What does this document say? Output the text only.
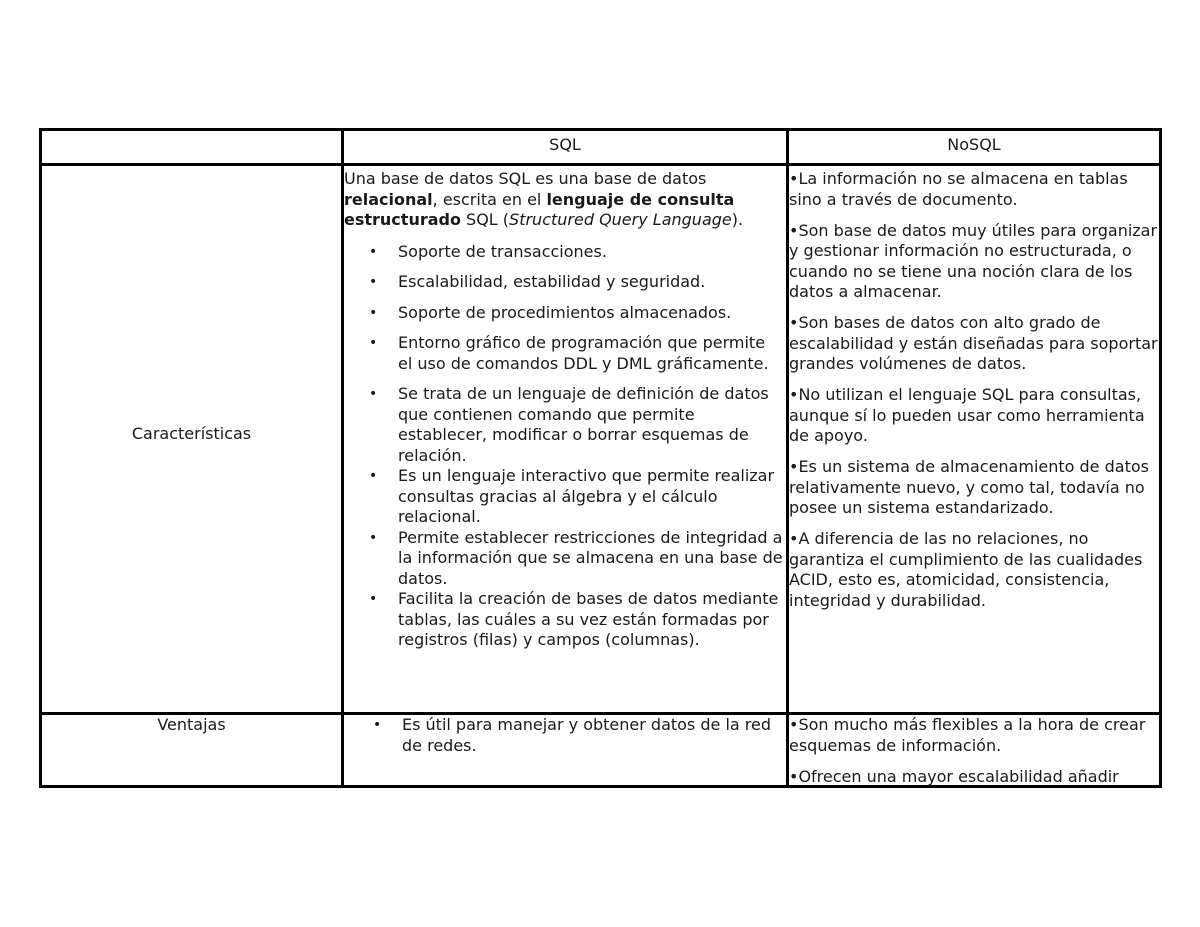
SQL	NoSQL
Características
Una base de datos SQL es una base de datos relacional, escrita en el lenguaje de consulta estructurado SQL (Structured Query Language).
• Soporte de transacciones.
• Escalabilidad, estabilidad y seguridad.
• Soporte de procedimientos almacenados.
• Entorno gráfico de programación que permite el uso de comandos DDL y DML gráficamente.
• Se trata de un lenguaje de definición de datos que contienen comando que permite establecer, modificar o borrar esquemas de relación.
• Es un lenguaje interactivo que permite realizar consultas gracias al álgebra y el cálculo relacional.
• Permite establecer restricciones de integridad a la información que se almacena en una base de datos.
• Facilita la creación de bases de datos mediante tablas, las cuáles a su vez están formadas por registros (filas) y campos (columnas).

•La información no se almacena en tablas sino a través de documento.

•Son base de datos muy útiles para organizar y gestionar información no estructurada, o cuando no se tiene una noción clara de los datos a almacenar.

•Son bases de datos con alto grado de escalabilidad y están diseñadas para soportar grandes volúmenes de datos.

•No utilizan el lenguaje SQL para consultas, aunque sí lo pueden usar como herramienta de apoyo.

•Es un sistema de almacenamiento de datos relativamente nuevo, y como tal, todavía no posee un sistema estandarizado.

•A diferencia de las no relaciones, no garantiza el cumplimiento de las cualidades ACID, esto es, atomicidad, consistencia, integridad y durabilidad.

Ventajas	• Es útil para manejar y obtener datos de la red de redes.

•Son mucho más flexibles a la hora de crear esquemas de información.

•Ofrecen una mayor escalabilidad añadir
